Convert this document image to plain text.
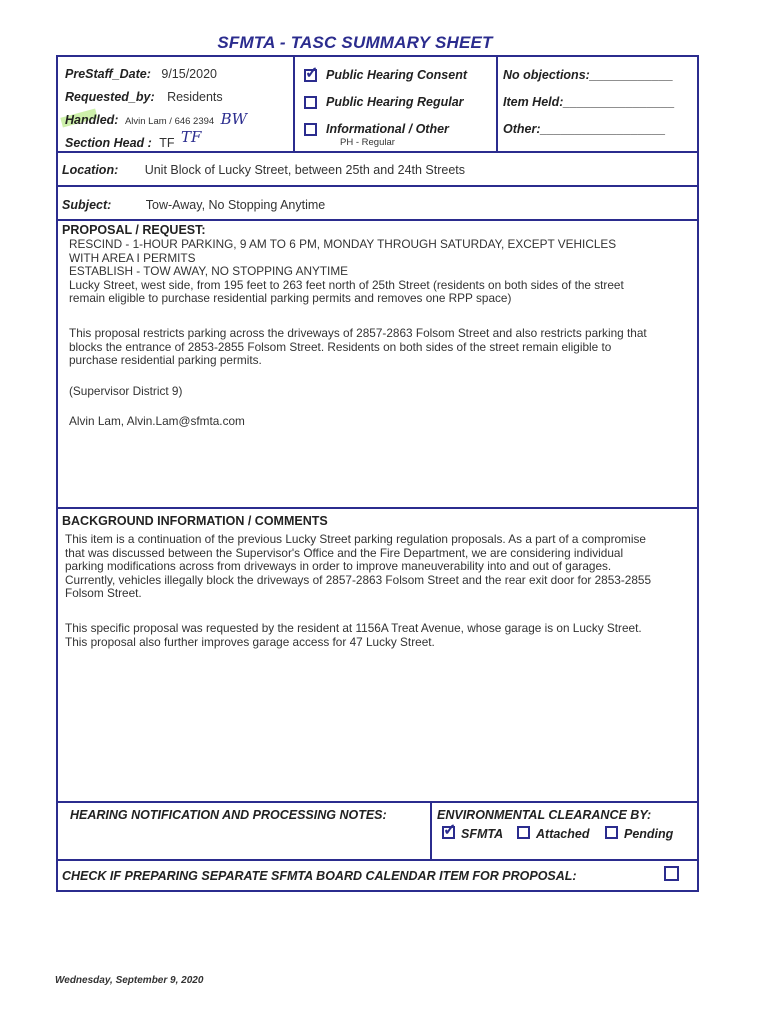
SFMTA - TASC SUMMARY SHEET
PreStaff_Date: 9/15/2020
Requested_by: Residents
Handled: Alvin Lam / 646 2394 BW
Section Head : TF TF
✓ Public Hearing Consent
Public Hearing Regular
Informational / Other
PH - Regular
No objections:____________
Item Held:________________
Other:__________________
Location: Unit Block of Lucky Street, between 25th and 24th Streets
Subject:	Tow-Away, No Stopping Anytime
PROPOSAL / REQUEST:
RESCIND - 1-HOUR PARKING, 9 AM TO 6 PM, MONDAY THROUGH SATURDAY, EXCEPT VEHICLES
WITH AREA I PERMITS
ESTABLISH - TOW AWAY, NO STOPPING ANYTIME
Lucky Street, west side, from 195 feet to 263 feet north of 25th Street (residents on both sides of the street
remain eligible to purchase residential parking permits and removes one RPP space)
This proposal restricts parking across the driveways of 2857-2863 Folsom Street and also restricts parking that
blocks the entrance of 2853-2855 Folsom Street. Residents on both sides of the street remain eligible to
purchase residential parking permits.
(Supervisor District 9)
Alvin Lam, Alvin.Lam@sfmta.com
BACKGROUND INFORMATION / COMMENTS
This item is a continuation of the previous Lucky Street parking regulation proposals. As a part of a compromise
that was discussed between the Supervisor's Office and the Fire Department, we are considering individual
parking modifications across from driveways in order to improve maneuverability into and out of garages.
Currently, vehicles illegally block the driveways of 2857-2863 Folsom Street and the rear exit door for 2853-2855
Folsom Street.
This specific proposal was requested by the resident at 1156A Treat Avenue, whose garage is on Lucky Street.
This proposal also further improves garage access for 47 Lucky Street.
HEARING NOTIFICATION AND PROCESSING NOTES:	ENVIRONMENTAL CLEARANCE BY:
✓ SFMTA	Attached	Pending
CHECK IF PREPARING SEPARATE SFMTA BOARD CALENDAR ITEM FOR PROPOSAL:
Wednesday, September 9, 2020
